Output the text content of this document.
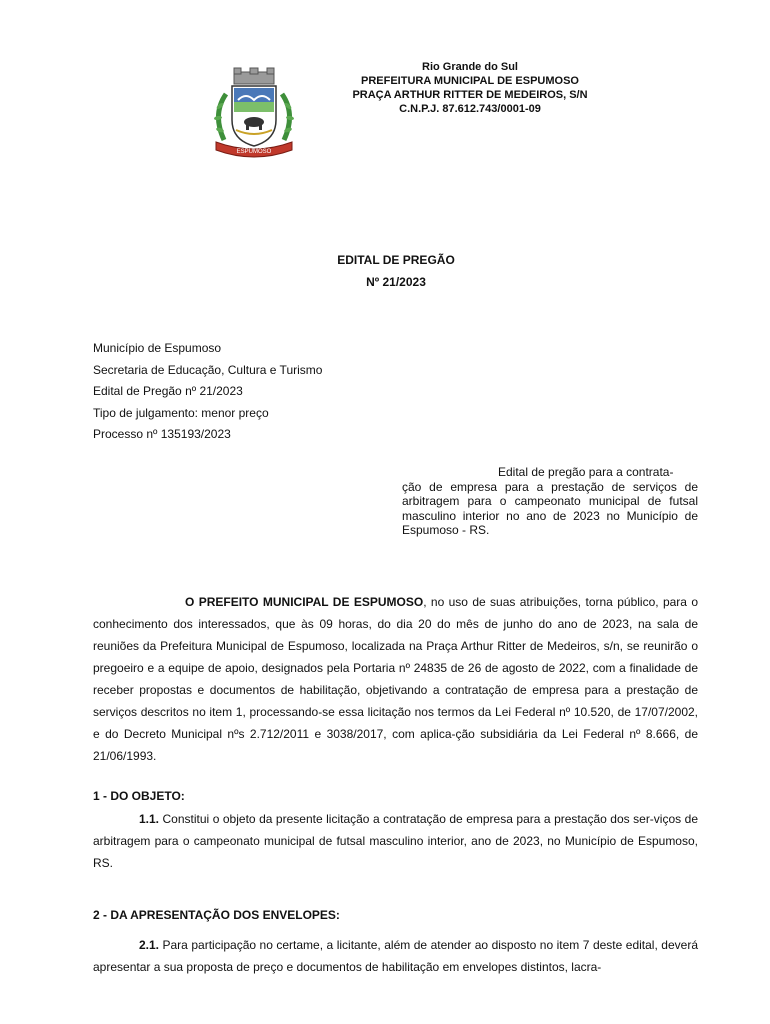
ESPUMOSO
Rio Grande do Sul
PREFEITURA MUNICIPAL DE ESPUMOSO
PRAÇA ARTHUR RITTER DE MEDEIROS, S/N
C.N.P.J. 87.612.743/0001-09
EDITAL DE PREGÃO
Nº 21/2023
Município de Espumoso
Secretaria de Educação, Cultura e Turismo
Edital de Pregão nº 21/2023
Tipo de julgamento: menor preço
Processo nº 135193/2023
Edital de pregão para a contrata-
ção de empresa para a prestação de serviços de arbitragem para o campeonato municipal de futsal masculino interior no ano de 2023 no Município de Espumoso - RS.
O PREFEITO MUNICIPAL DE ESPUMOSO, no uso de suas atribuições, torna público, para o conhecimento dos interessados, que às 09 horas, do dia 20 do mês de junho do ano de 2023, na sala de reuniões da Prefeitura Municipal de Espumoso, localizada na Praça Arthur Ritter de Medeiros, s/n, se reunirão o pregoeiro e a equipe de apoio, designados pela Portaria nº 24835 de 26 de agosto de 2022, com a finalidade de receber propostas e documentos de habilitação, objetivando a contratação de empresa para a prestação de serviços descritos no item 1, processando-se essa licitação nos termos da Lei Federal nº 10.520, de 17/07/2002, e do Decreto Municipal nºs 2.712/2011 e 3038/2017, com aplica-ção subsidiária da Lei Federal nº 8.666, de 21/06/1993.
1 - DO OBJETO:
1.1. Constitui o objeto da presente licitação a contratação de empresa para a prestação dos ser-viços de arbitragem para o campeonato municipal de futsal masculino interior, ano de 2023, no Município de Espumoso, RS.
2 - DA APRESENTAÇÃO DOS ENVELOPES:
2.1. Para participação no certame, a licitante, além de atender ao disposto no item 7 deste edital, deverá apresentar a sua proposta de preço e documentos de habilitação em envelopes distintos, lacra-
